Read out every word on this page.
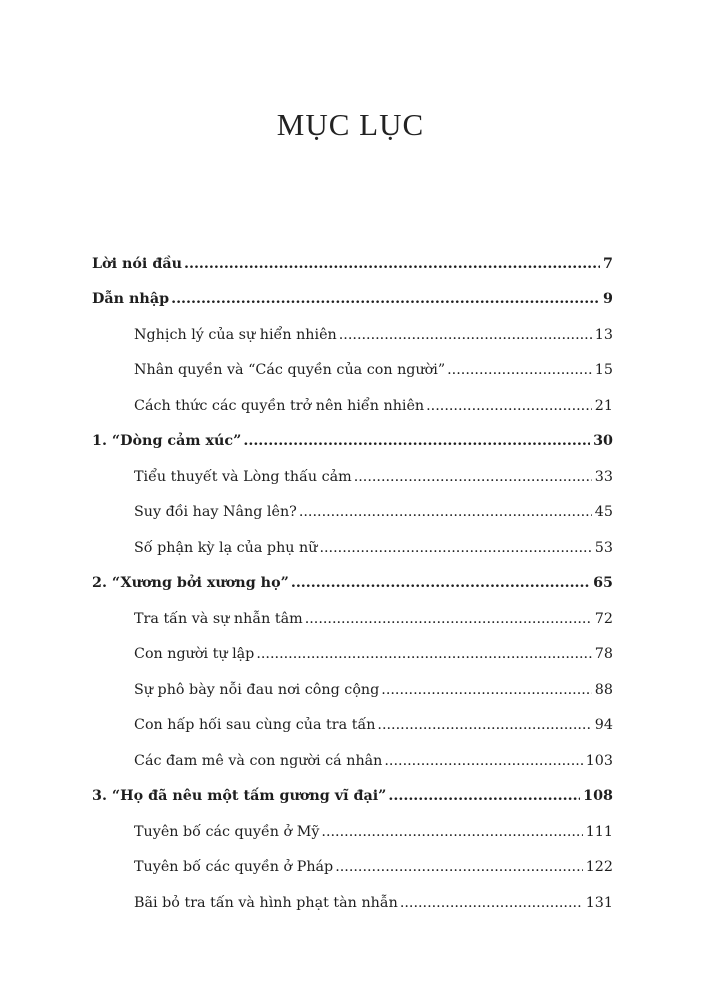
MỤC LỤC
Lời nói đầu .....	7
Dẫn nhập .....	9
Nghịch lý của sự hiển nhiên .....	13
Nhân quyền và “Các quyền của con người” .....	15
Cách thức các quyền trở nên hiển nhiên .....	21
1. “Dòng cảm xúc” .....	30
Tiểu thuyết và Lòng thấu cảm .....	33
Suy đồi hay Nâng lên? .....	45
Số phận kỳ lạ của phụ nữ .....	53
2. “Xương bởi xương họ” .....	65
Tra tấn và sự nhẫn tâm .....	72
Con người tự lập .....	78
Sự phô bày nỗi đau nơi công cộng .....	88
Con hấp hối sau cùng của tra tấn .....	94
Các đam mê và con người cá nhân .....	103
3. “Họ đã nêu một tấm gương vĩ đại” .....	108
Tuyên bố các quyền ở Mỹ .....	111
Tuyên bố các quyền ở Pháp .....	122
Bãi bỏ tra tấn và hình phạt tàn nhẫn .....	131
